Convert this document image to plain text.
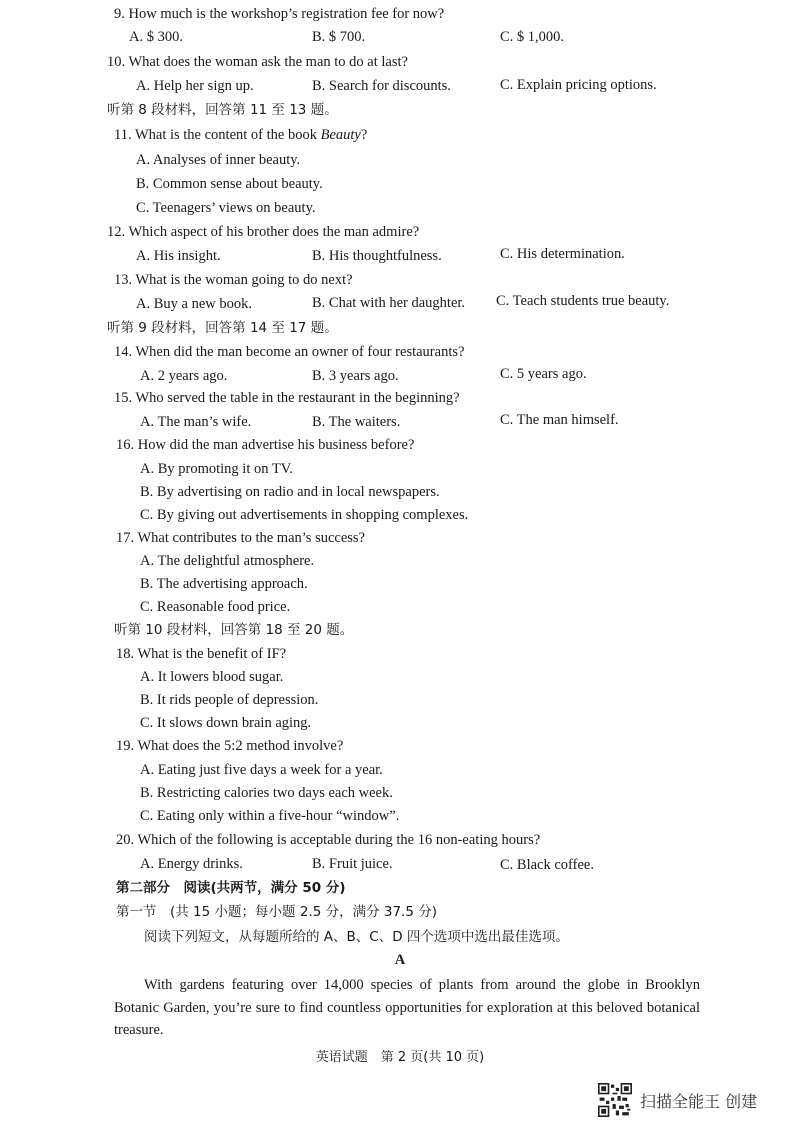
9. How much is the workshop’s registration fee for now?
A. $ 300.	B. $ 700.	C. $ 1,000.
10. What does the woman ask the man to do at last?
A. Help her sign up.	B. Search for discounts.	C. Explain pricing options.
听第 8 段材料，回答第 11 至 13 题。
11. What is the content of the book Beauty?
A. Analyses of inner beauty.
B. Common sense about beauty.
C. Teenagers’ views on beauty.
12. Which aspect of his brother does the man admire?
A. His insight.	B. His thoughtfulness.	C. His determination.
13. What is the woman going to do next?
A. Buy a new book.	B. Chat with her daughter. C. Teach students true beauty.
听第 9 段材料，回答第 14 至 17 题。
14. When did the man become an owner of four restaurants?
A. 2 years ago.	B. 3 years ago.	C. 5 years ago.
15. Who served the table in the restaurant in the beginning?
A. The man’s wife.	B. The waiters.	C. The man himself.
16. How did the man advertise his business before?
A. By promoting it on TV.
B. By advertising on radio and in local newspapers.
C. By giving out advertisements in shopping complexes.
17. What contributes to the man’s success?
A. The delightful atmosphere.
B. The advertising approach.
C. Reasonable food price.
听第 10 段材料，回答第 18 至 20 题。
18. What is the benefit of IF?
A. It lowers blood sugar.
B. It rids people of depression.
C. It slows down brain aging.
19. What does the 5:2 method involve?
A. Eating just five days a week for a year.
B. Restricting calories two days each week.
C. Eating only within a five-hour “window”.
20. Which of the following is acceptable during the 16 non-eating hours?
A. Energy drinks.	B. Fruit juice.	C. Black coffee.
第二部分　阅读(共两节，满分 50 分)
第一节　(共 15 小题；每小题 2.5 分，满分 37.5 分)
阅读下列短文，从每题所给的 A、B、C、D 四个选项中选出最佳选项。
A
With gardens featuring over 14,000 species of plants from around the globe in Brooklyn Botanic Garden, you’re sure to find countless opportunities for exploration at this beloved botanical treasure.
英语试题　第 2 页(共 10 页)
扫描全能王 创建
